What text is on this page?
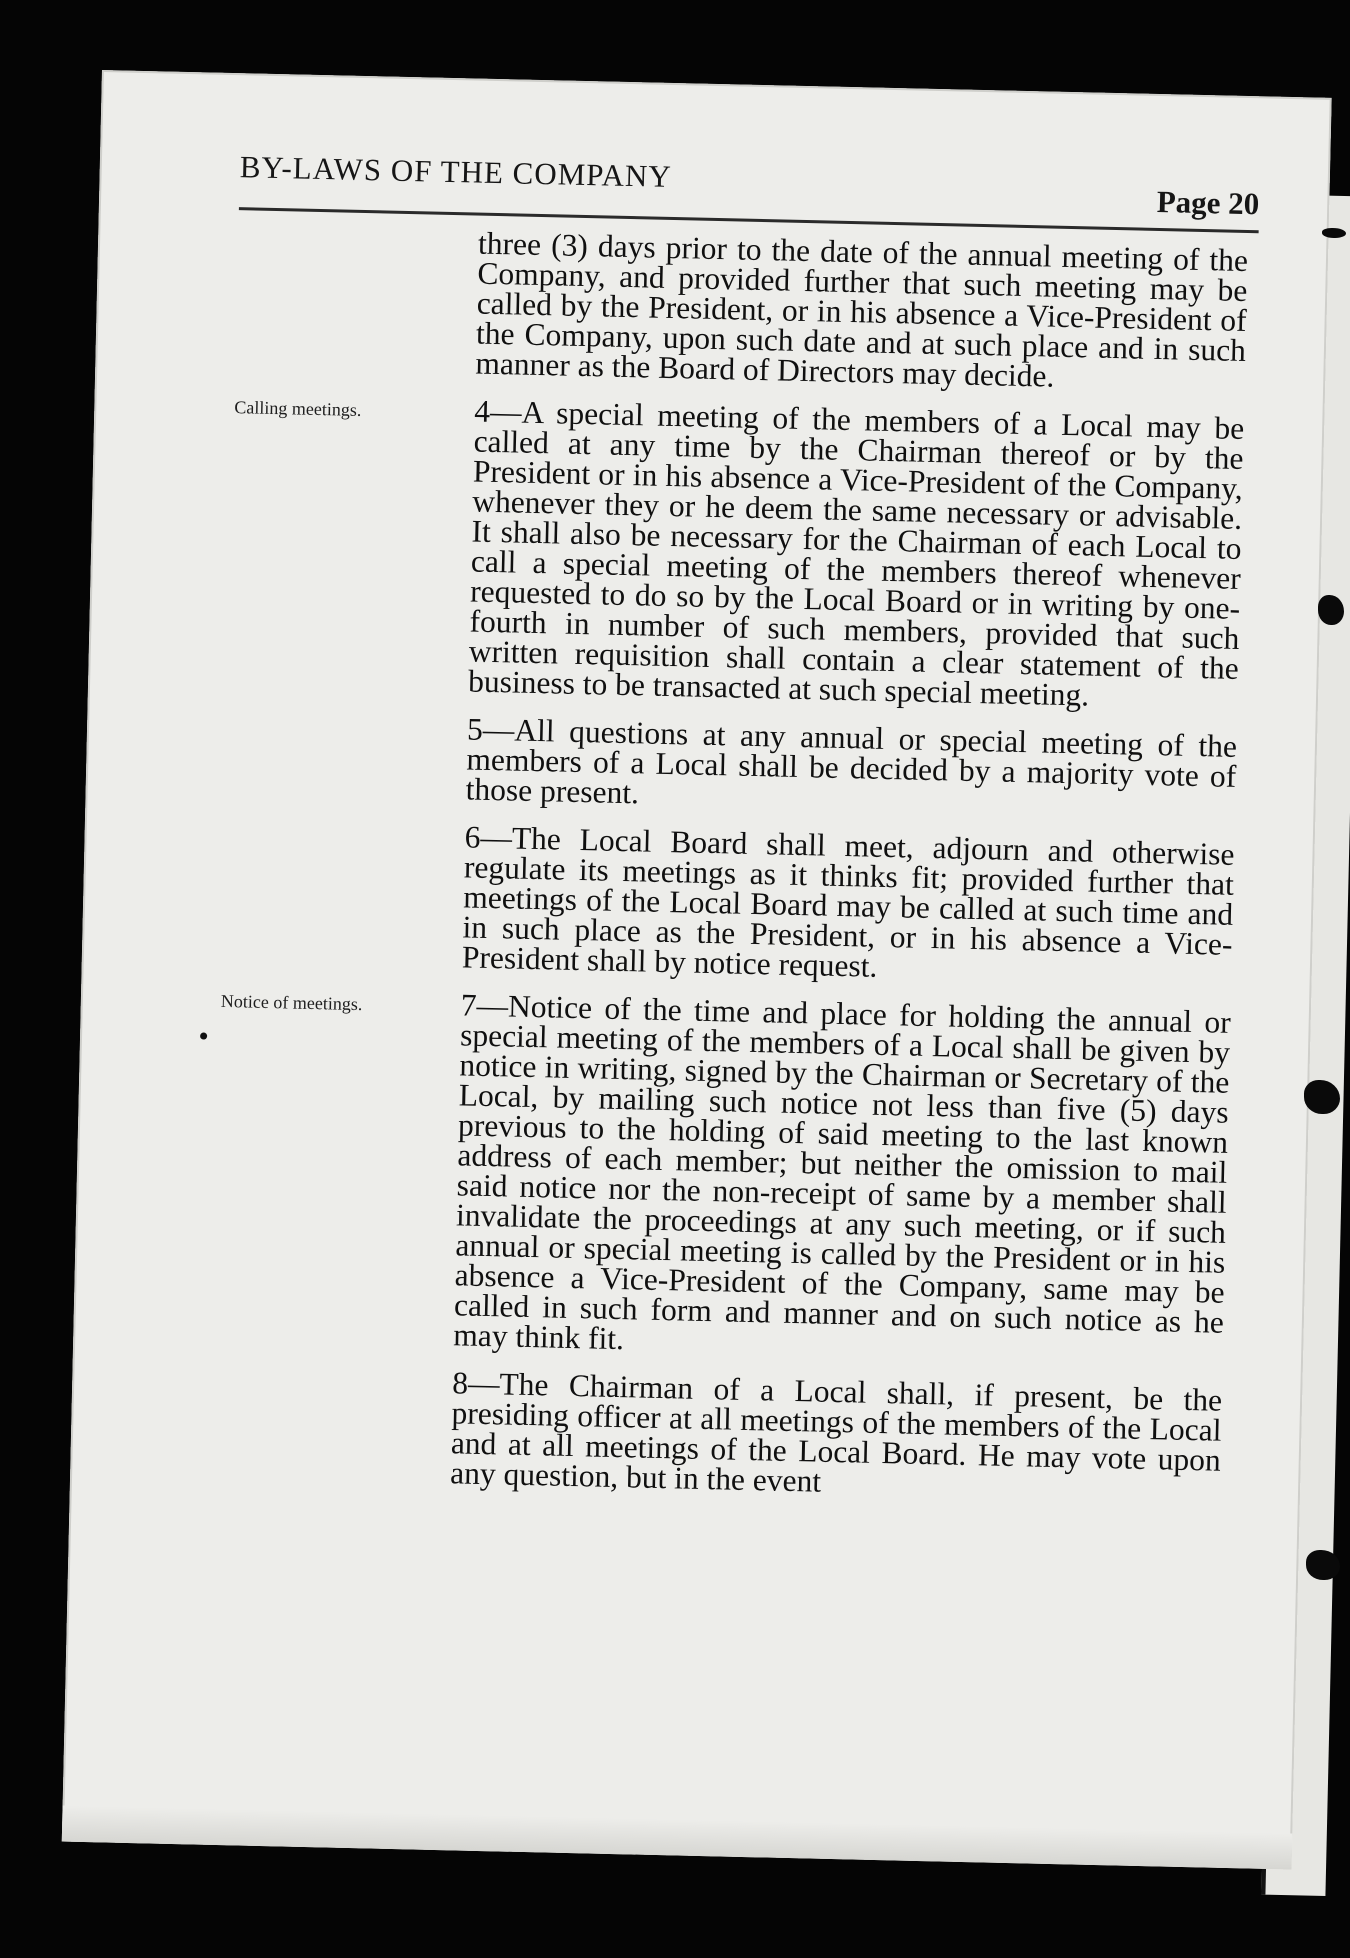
BY-LAWS OF THE COMPANY
Page 20
three (3) days prior to the date of the annual meeting of the Company, and provided further that such meeting may be called by the President, or in his absence a Vice-President of the Company, upon such date and at such place and in such manner as the Board of Directors may decide.
Calling meetings.	4—A special meeting of the members of a Local may be called at any time by the Chairman thereof or by the President or in his absence a Vice-President of the Company, whenever they or he deem the same necessary or advisable. It shall also be necessary for the Chairman of each Local to call a special meeting of the members thereof whenever requested to do so by the Local Board or in writing by one-fourth in number of such members, provided that such written requisition shall contain a clear statement of the business to be transacted at such special meeting.
5—All questions at any annual or special meeting of the members of a Local shall be decided by a majority vote of those present.
6—The Local Board shall meet, adjourn and otherwise regulate its meetings as it thinks fit; provided further that meetings of the Local Board may be called at such time and in such place as the President, or in his absence a Vice-President shall by notice request.
Notice of meetings.	7—Notice of the time and place for holding the annual or special meeting of the members of a Local shall be given by notice in writing, signed by the Chairman or Secretary of the Local, by mailing such notice not less than five (5) days previous to the holding of said meeting to the last known address of each member; but neither the omission to mail said notice nor the non-receipt of same by a member shall invalidate the proceedings at any such meeting, or if such annual or special meeting is called by the President or in his absence a Vice-President of the Company, same may be called in such form and manner and on such notice as he may think fit.
8—The Chairman of a Local shall, if present, be the presiding officer at all meetings of the members of the Local and at all meetings of the Local Board. He may vote upon any question, but in the event
